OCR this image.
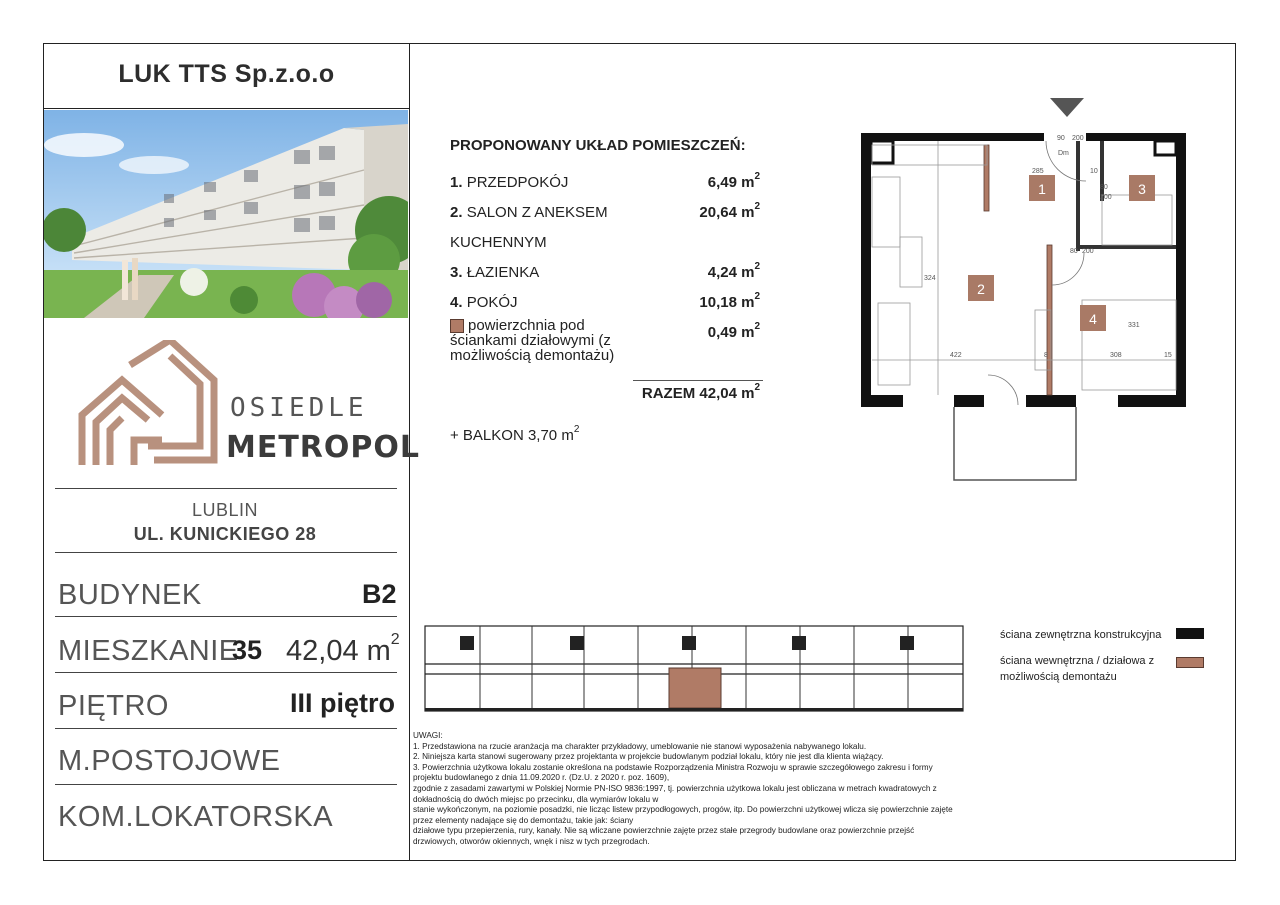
LUK TTS Sp.z.o.o
OSIEDLE
METROPOL
LUBLIN
UL. KUNICKIEGO 28
BUDYNEK	B2
MIESZKANIE
35 42,04 $m^2$
PIĘTRO	III piętro
M.POSTOJOWE
KOM.LOKATORSKA
PROPONOWANY UKŁAD POMIESZCZEŃ:
1. PRZEDPOKÓJ	6,49 $m^2$
2. SALON Z ANEKSEM	20,64 $m^2$
KUCHENNYM
3. ŁAZIENKA	4,24 $m^2$
4. POKÓJ	10,18 $m^2$
powierzchnia pod ściankami działowymi (z możliwością demontażu)
0,49 $m^2$
RAZEM 42,04 $m^2$
+ BALKON 3,70 $m^2$
1	3
2
4
90 200
Dm
285	10
80
200
80 200
422	308
331
324
15
8
ściana zewnętrzna konstrukcyjna
ściana wewnętrzna / działowa z możliwością demontażu
UWAGI:
1. Przedstawiona na rzucie aranżacja ma charakter przykładowy, umeblowanie nie stanowi wyposażenia nabywanego lokalu.
2. Niniejsza karta stanowi sugerowany przez projektanta w projekcie budowlanym podział lokalu, który nie jest dla klienta wiążący.
3. Powierzchnia użytkowa lokalu zostanie określona na podstawie Rozporządzenia Ministra Rozwoju w sprawie szczegółowego zakresu i formy projektu budowlanego z dnia 11.09.2020 r. (Dz.U. z 2020 r. poz. 1609),
zgodnie z zasadami zawartymi w Polskiej Normie PN-ISO 9836:1997, tj. powierzchnia użytkowa lokalu jest obliczana w metrach kwadratowych z dokładnością do dwóch miejsc po przecinku, dla wymiarów lokalu w
stanie wykończonym, na poziomie posadzki, nie licząc listew przypodłogowych, progów, itp. Do powierzchni użytkowej wlicza się powierzchnie zajęte przez elementy nadające się do demontażu, takie jak: ściany
działowe typu przepierzenia, rury, kanały. Nie są wliczane powierzchnie zajęte przez stałe przegrody budowlane oraz powierzchnie przejść drzwiowych, otworów okiennych, wnęk i nisz w tych przegrodach.
